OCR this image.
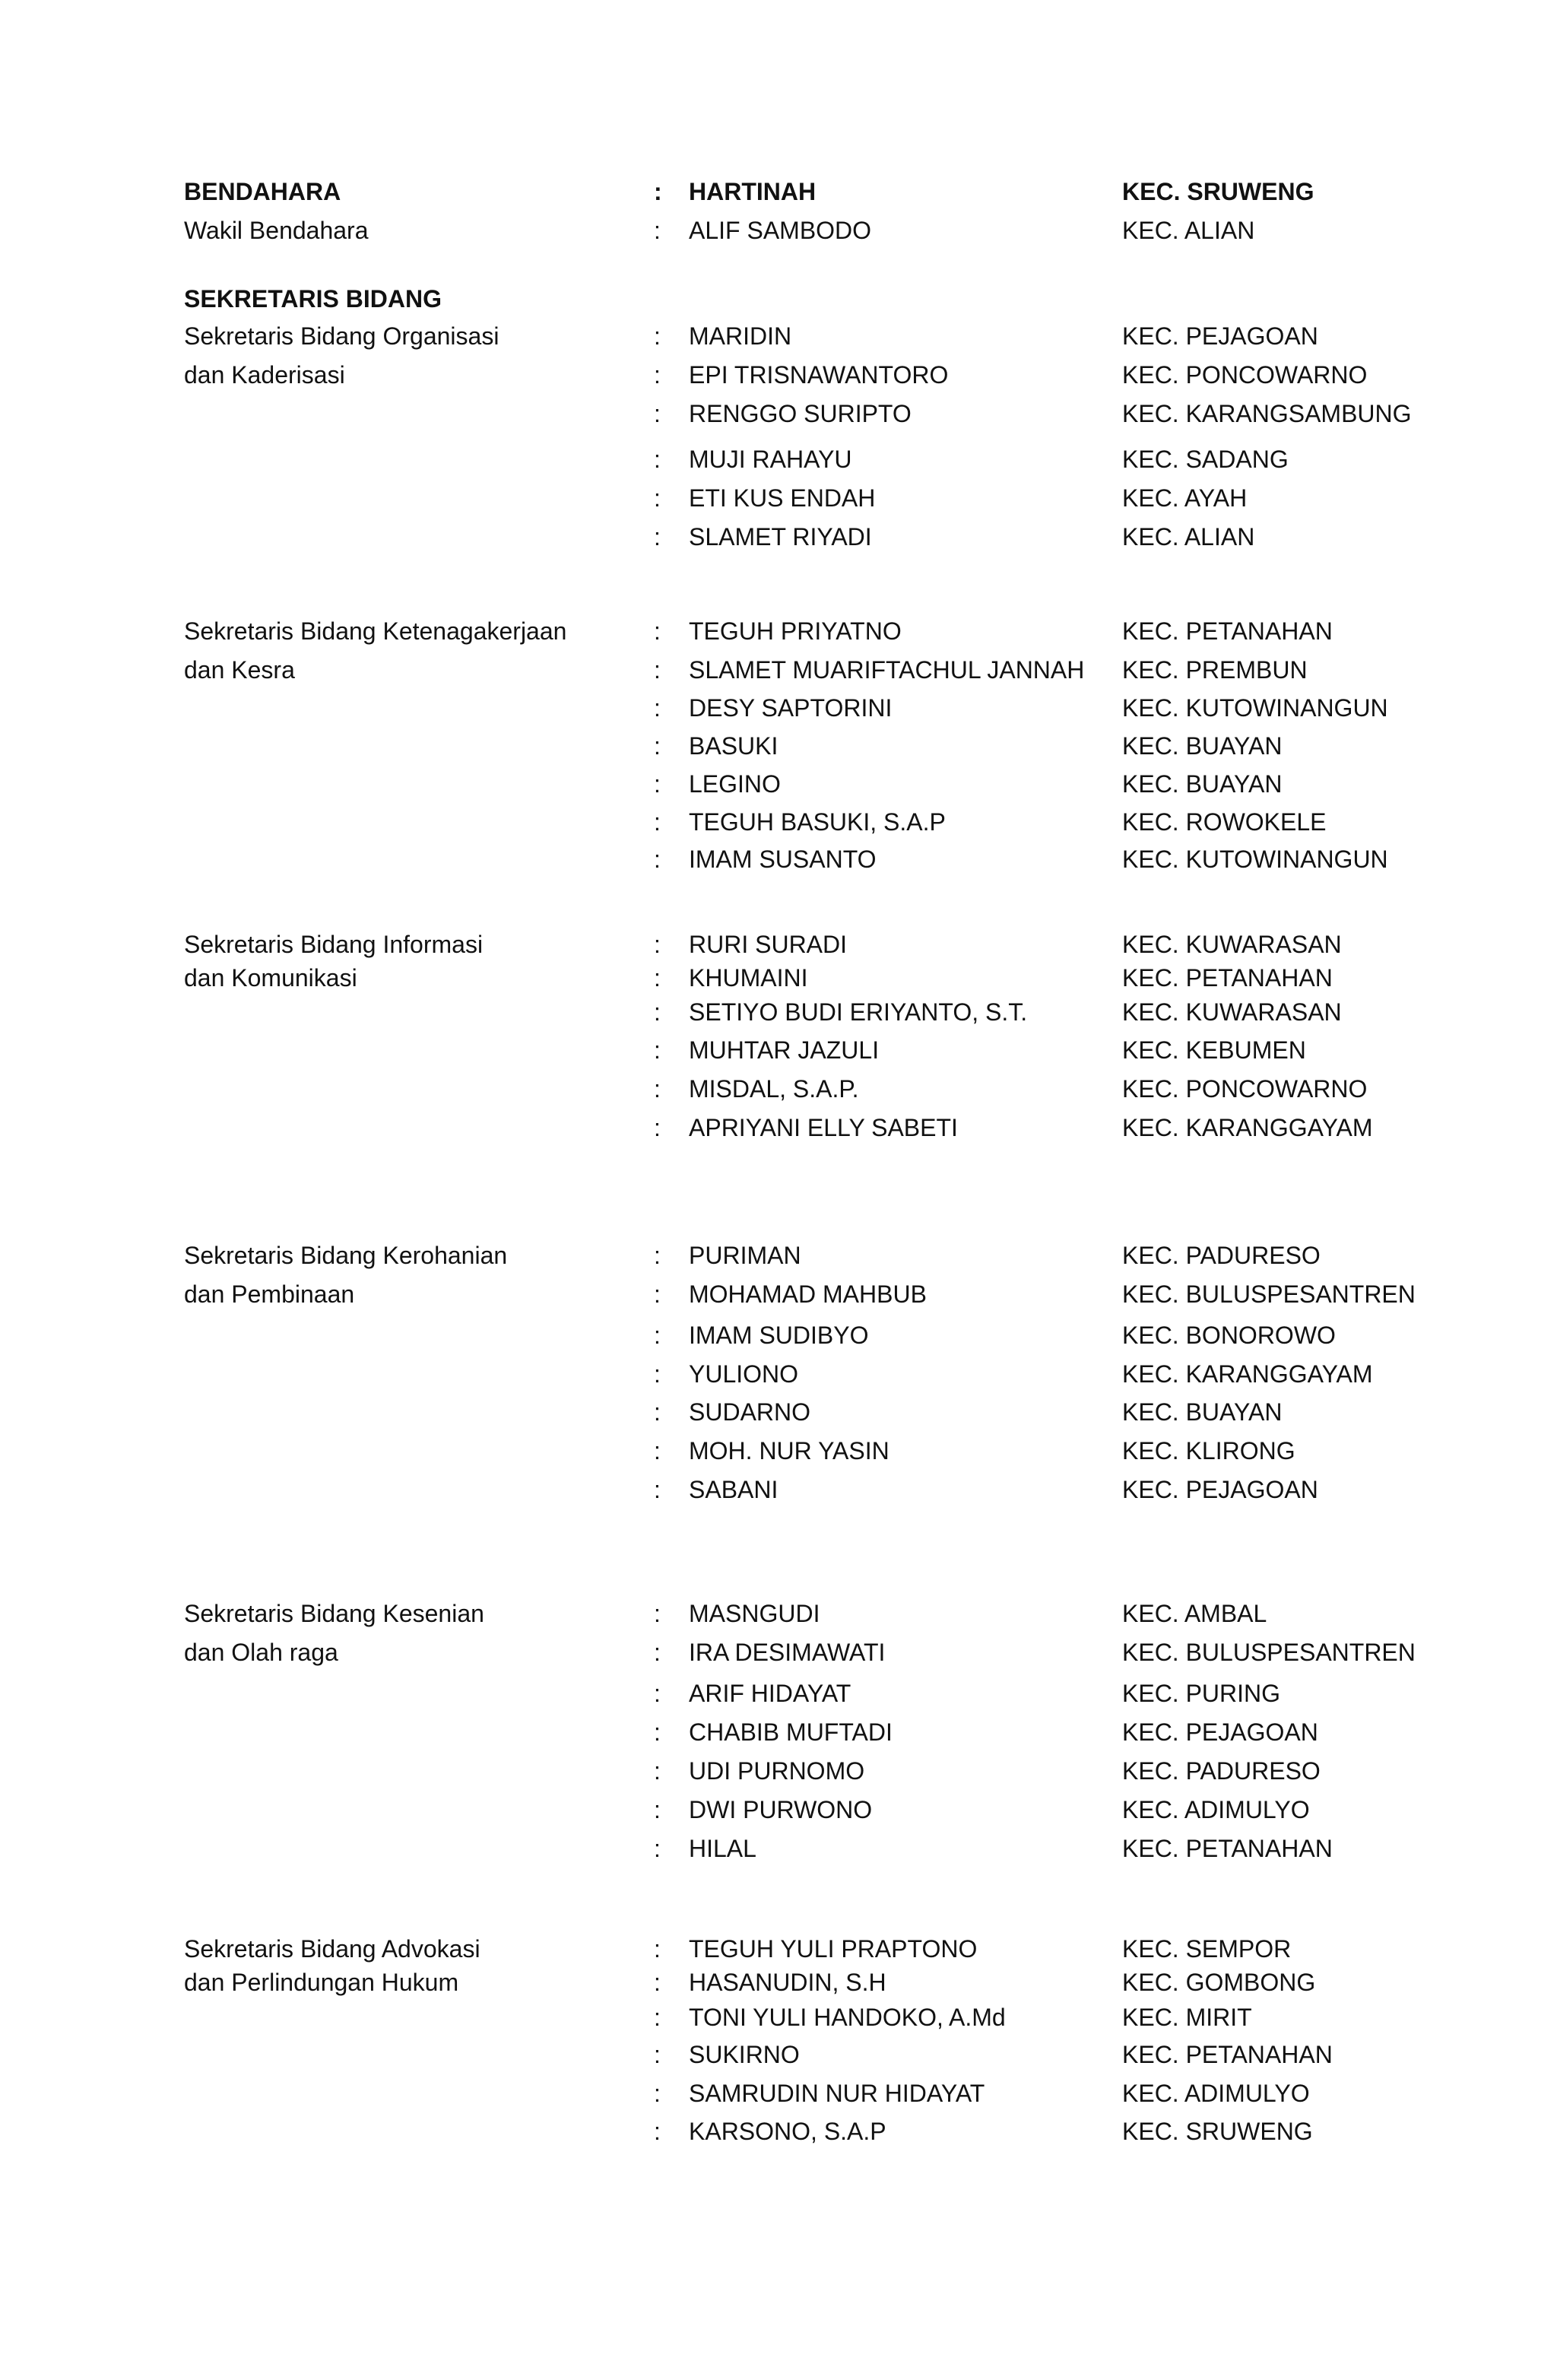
BENDAHARA	: HARTINAH	KEC. SRUWENG
Wakil Bendahara	: ALIF SAMBODO	KEC. ALIAN
SEKRETARIS BIDANG
Sekretaris Bidang Organisasi	: MARIDIN	KEC. PEJAGOAN
dan Kaderisasi	: EPI TRISNAWANTORO	KEC. PONCOWARNO
: RENGGO SURIPTO	KEC. KARANGSAMBUNG
: MUJI RAHAYU	KEC. SADANG
: ETI KUS ENDAH	KEC. AYAH
: SLAMET RIYADI	KEC. ALIAN
Sekretaris Bidang Ketenagakerjaan	: TEGUH PRIYATNO	KEC. PETANAHAN
dan Kesra	: SLAMET MUARIFTACHUL JANNAH KEC. PREMBUN
: DESY SAPTORINI	KEC. KUTOWINANGUN
: BASUKI	KEC. BUAYAN
: LEGINO	KEC. BUAYAN
: TEGUH BASUKI, S.A.P	KEC. ROWOKELE
: IMAM SUSANTO	KEC. KUTOWINANGUN
Sekretaris Bidang Informasi	: RURI SURADI	KEC. KUWARASAN
dan Komunikasi	: KHUMAINI	KEC. PETANAHAN
: SETIYO BUDI ERIYANTO, S.T.	KEC. KUWARASAN
: MUHTAR JAZULI	KEC. KEBUMEN
: MISDAL, S.A.P.	KEC. PONCOWARNO
: APRIYANI ELLY SABETI	KEC. KARANGGAYAM
Sekretaris Bidang Kerohanian	: PURIMAN	KEC. PADURESO
dan Pembinaan	: MOHAMAD MAHBUB	KEC. BULUSPESANTREN
: IMAM SUDIBYO	KEC. BONOROWO
: YULIONO	KEC. KARANGGAYAM
: SUDARNO	KEC. BUAYAN
: MOH. NUR YASIN	KEC. KLIRONG
: SABANI	KEC. PEJAGOAN
Sekretaris Bidang Kesenian	: MASNGUDI	KEC. AMBAL
dan Olah raga	: IRA DESIMAWATI	KEC. BULUSPESANTREN
: ARIF HIDAYAT	KEC. PURING
: CHABIB MUFTADI	KEC. PEJAGOAN
: UDI PURNOMO	KEC. PADURESO
: DWI PURWONO	KEC. ADIMULYO
: HILAL	KEC. PETANAHAN
Sekretaris Bidang Advokasi	: TEGUH YULI PRAPTONO	KEC. SEMPOR
dan Perlindungan Hukum	: HASANUDIN, S.H	KEC. GOMBONG
: TONI YULI HANDOKO, A.Md	KEC. MIRIT
: SUKIRNO	KEC. PETANAHAN
: SAMRUDIN NUR HIDAYAT	KEC. ADIMULYO
: KARSONO, S.A.P	KEC. SRUWENG
